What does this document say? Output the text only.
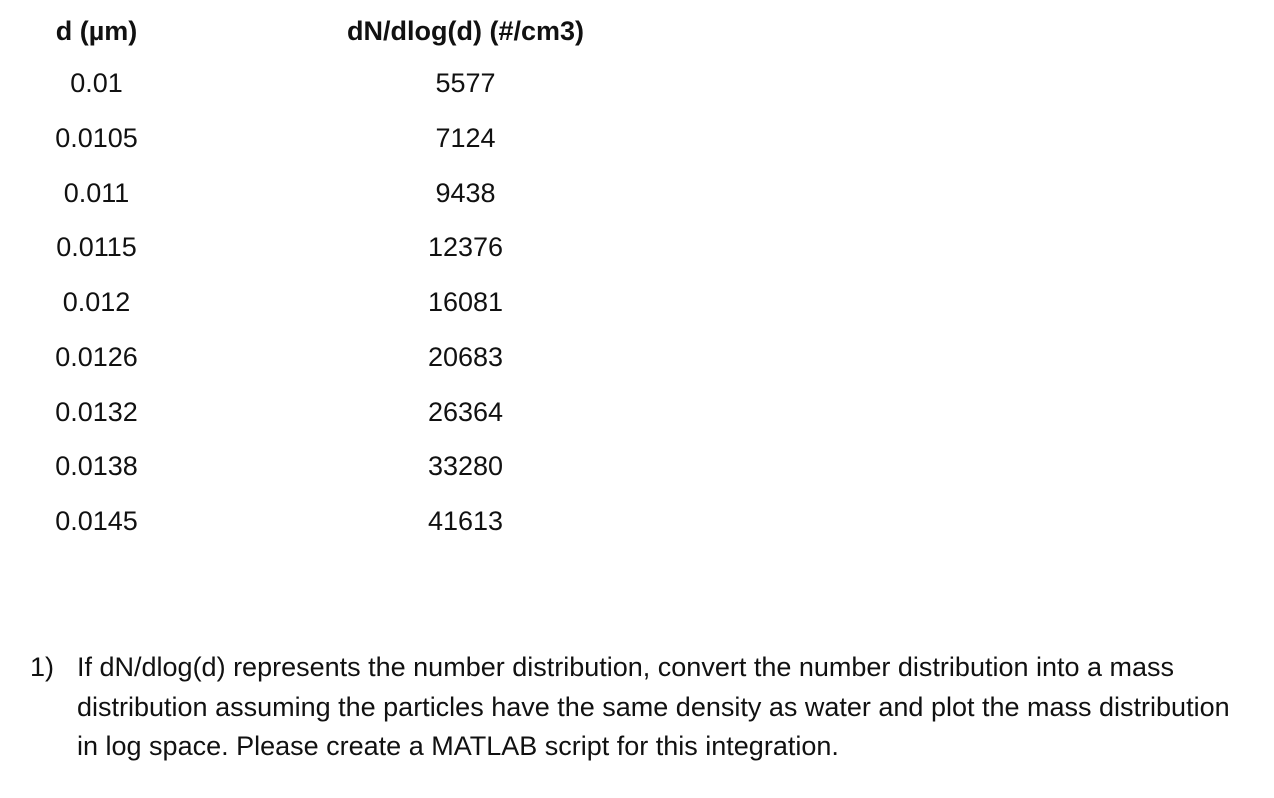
d (µm)	dN/dlog(d) (#/cm3)
0.01	5577
0.0105	7124
0.011	9438
0.0115	12376
0.012	16081
0.0126	20683
0.0132	26364
0.0138	33280
0.0145	41613
1) If dN/dlog(d) represents the number distribution, convert the number distribution into a mass distribution assuming the particles have the same density as water and plot the mass distribution in log space. Please create a MATLAB script for this integration.
